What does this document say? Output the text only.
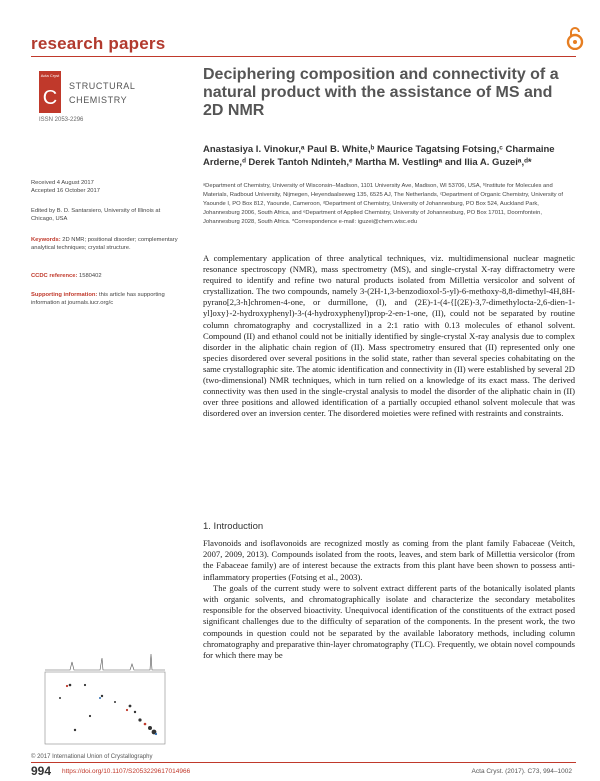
research papers
Acta Cryst
C
STRUCTURAL
CHEMISTRY
ISSN 2053-2296
Deciphering composition and connectivity of a natural product with the assistance of MS and 2D NMR
Anastasiya I. Vinokur,ᵃ Paul B. White,ᵇ Maurice Tagatsing Fotsing,ᶜ Charmaine Arderne,ᵈ Derek Tantoh Ndinteh,ᵉ Martha M. Vestlingᵃ and Ilia A. Guzeiᵃ,ᵈ*
ᵃDepartment of Chemistry, University of Wisconsin–Madison, 1101 University Ave, Madison, WI 53706, USA, ᵇInstitute for Molecules and Materials, Radboud University, Nijmegen, Heyendaalseweg 135, 6525 AJ, The Netherlands, ᶜDepartment of Organic Chemistry, University of Yaounde I, PO Box 812, Yaounde, Cameroon, ᵈDepartment of Chemistry, University of Johannesburg, PO Box 524, Auckland Park, Johannesburg 2006, South Africa, and ᵉDepartment of Applied Chemistry, University of Johannesburg, PO Box 17011, Doornfontein, Johannesburg 2028, South Africa. *Correspondence e-mail: iguzei@chem.wisc.edu
Received 4 August 2017
Accepted 16 October 2017
Edited by B. D. Santarsiero, University of Illinois at Chicago, USA
Keywords: 2D NMR; positional disorder; complementary analytical techniques; crystal structure.
CCDC reference: 1580402
Supporting information: this article has supporting information at journals.iucr.org/c
A complementary application of three analytical techniques, viz. multidimensional nuclear magnetic resonance spectroscopy (NMR), mass spectrometry (MS), and single-crystal X-ray diffractometry were required to identify and refine two natural products isolated from Millettia versicolor and solvent of crystallization. The two compounds, namely 3-(2H-1,3-benzodioxol-5-yl)-6-methoxy-8,8-dimethyl-4H,8H-pyrano[2,3-h]chromen-4-one, or durmillone, (I), and (2E)-1-(4-{[(2E)-3,7-dimethylocta-2,6-dien-1-yl]oxy}-2-hydroxyphenyl)-3-(4-hydroxyphenyl)prop-2-en-1-one, (II), could not be separated by routine column chromatography and cocrystallized in a 2:1 ratio with 0.13 molecules of ethanol solvent. Compound (II) and ethanol could not be initially identified by single-crystal X-ray analysis due to complex disorder in the aliphatic chain region of (II). Mass spectrometry ensured that (II) represented only one species disordered over several positions in the solid state, rather than several species cohabitating on the same crystallographic site. The atomic identification and connectivity in (II) were established by several 2D (two-dimensional) NMR techniques, which in turn relied on a knowledge of its exact mass. The derived connectivity was then used in the single-crystal analysis to model the disorder of the aliphatic chain in (II) over three positions and allowed identification of a partially occupied ethanol solvent molecule that was disordered over an inversion center. The disordered moieties were refined with restraints and constraints.
1. Introduction

Flavonoids and isoflavonoids are recognized mostly as coming from the plant family Fabaceae (Veitch, 2007, 2009, 2013). Compounds isolated from the roots, leaves, and stem bark of Millettia versicolor (from the Fabaceae family) are of interest because the extracts from this plant have been shown to possess anti-inflammatory properties (Fotsing et al., 2003).

The goals of the current study were to solvent extract different parts of the botanically isolated plants with organic solvents, and chromatographically isolate and characterize the secondary metabolites responsible for the observed bioactivity. Unequivocal identification of the constituents of the extract posed significant challenges due to the difficulty of separation of the components. In the present work, the two compounds in question could not be separated by the available laboratory methods, including column chromatography and preparative thin-layer chromatography (TLC). Frequently, we obtain novel compounds for which there may be

© 2017 International Union of Crystallography
994 https://doi.org/10.1107/S2053229617014966	Acta Cryst. (2017). C73, 994–1002
